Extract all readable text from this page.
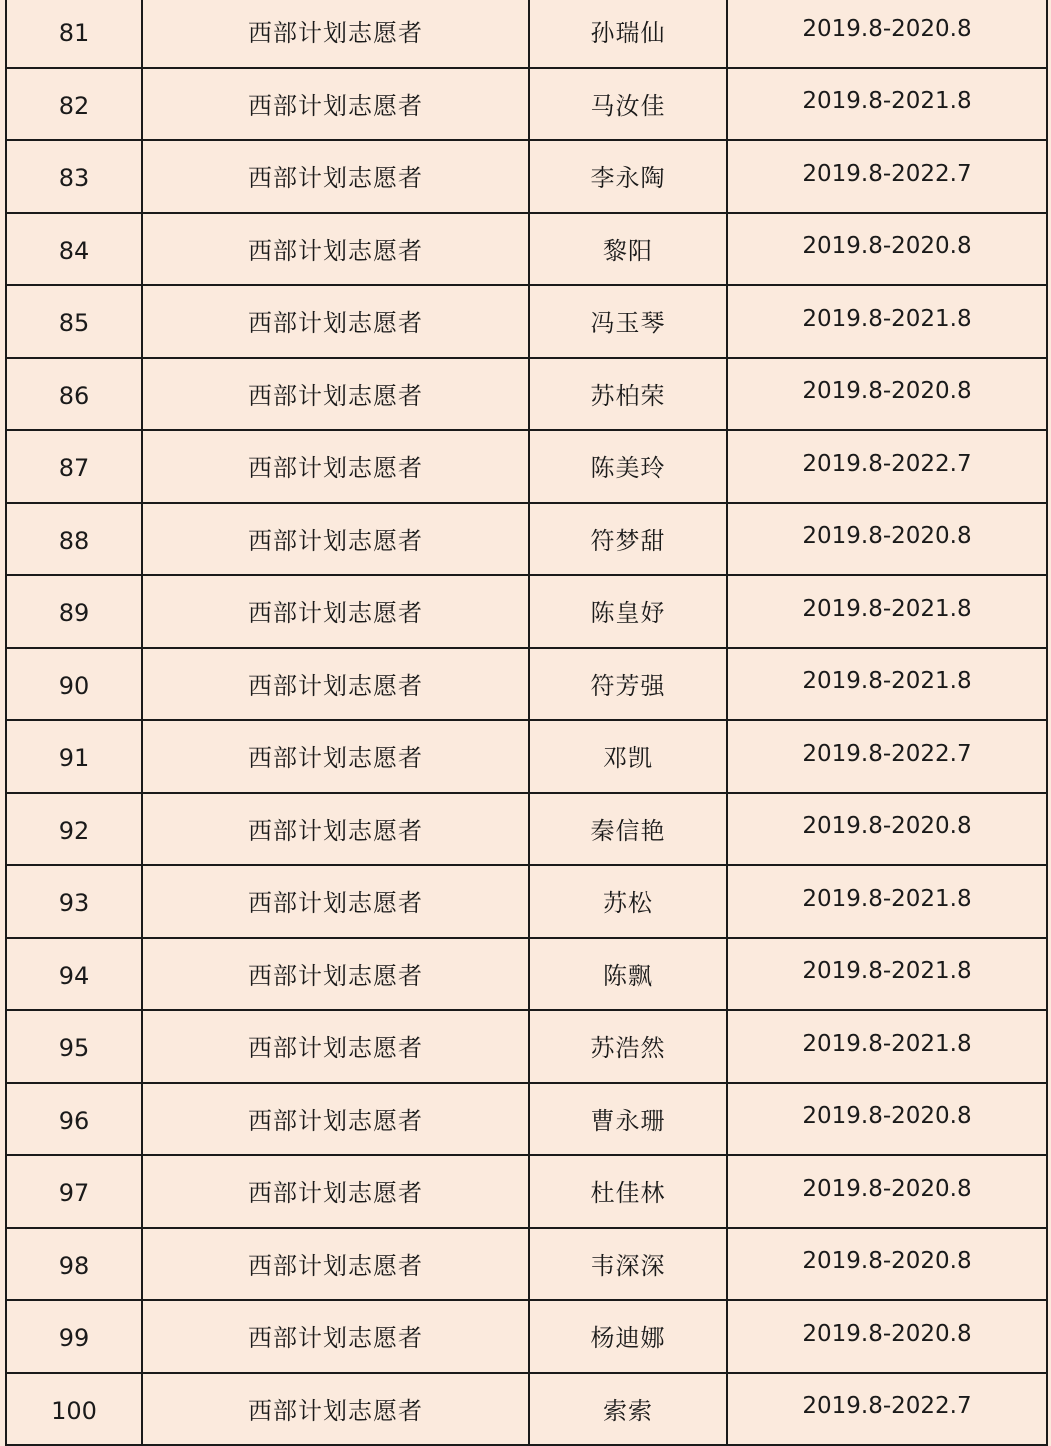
81	西部计划志愿者	孙瑞仙	2019.8-2020.8
82	西部计划志愿者	马汝佳	2019.8-2021.8
83	西部计划志愿者	李永陶	2019.8-2022.7
84	西部计划志愿者	黎阳	2019.8-2020.8
85	西部计划志愿者	冯玉琴	2019.8-2021.8
86	西部计划志愿者	苏柏荣	2019.8-2020.8
87	西部计划志愿者	陈美玲	2019.8-2022.7
88	西部计划志愿者	符梦甜	2019.8-2020.8
89	西部计划志愿者	陈皇妤	2019.8-2021.8
90	西部计划志愿者	符芳强	2019.8-2021.8
91	西部计划志愿者	邓凯	2019.8-2022.7
92	西部计划志愿者	秦信艳	2019.8-2020.8
93	西部计划志愿者	苏松	2019.8-2021.8
94	西部计划志愿者	陈飘	2019.8-2021.8
95	西部计划志愿者	苏浩然	2019.8-2021.8
96	西部计划志愿者	曹永珊	2019.8-2020.8
97	西部计划志愿者	杜佳林	2019.8-2020.8
98	西部计划志愿者	韦深深	2019.8-2020.8
99	西部计划志愿者	杨迪娜	2019.8-2020.8
100	西部计划志愿者	索索	2019.8-2022.7
